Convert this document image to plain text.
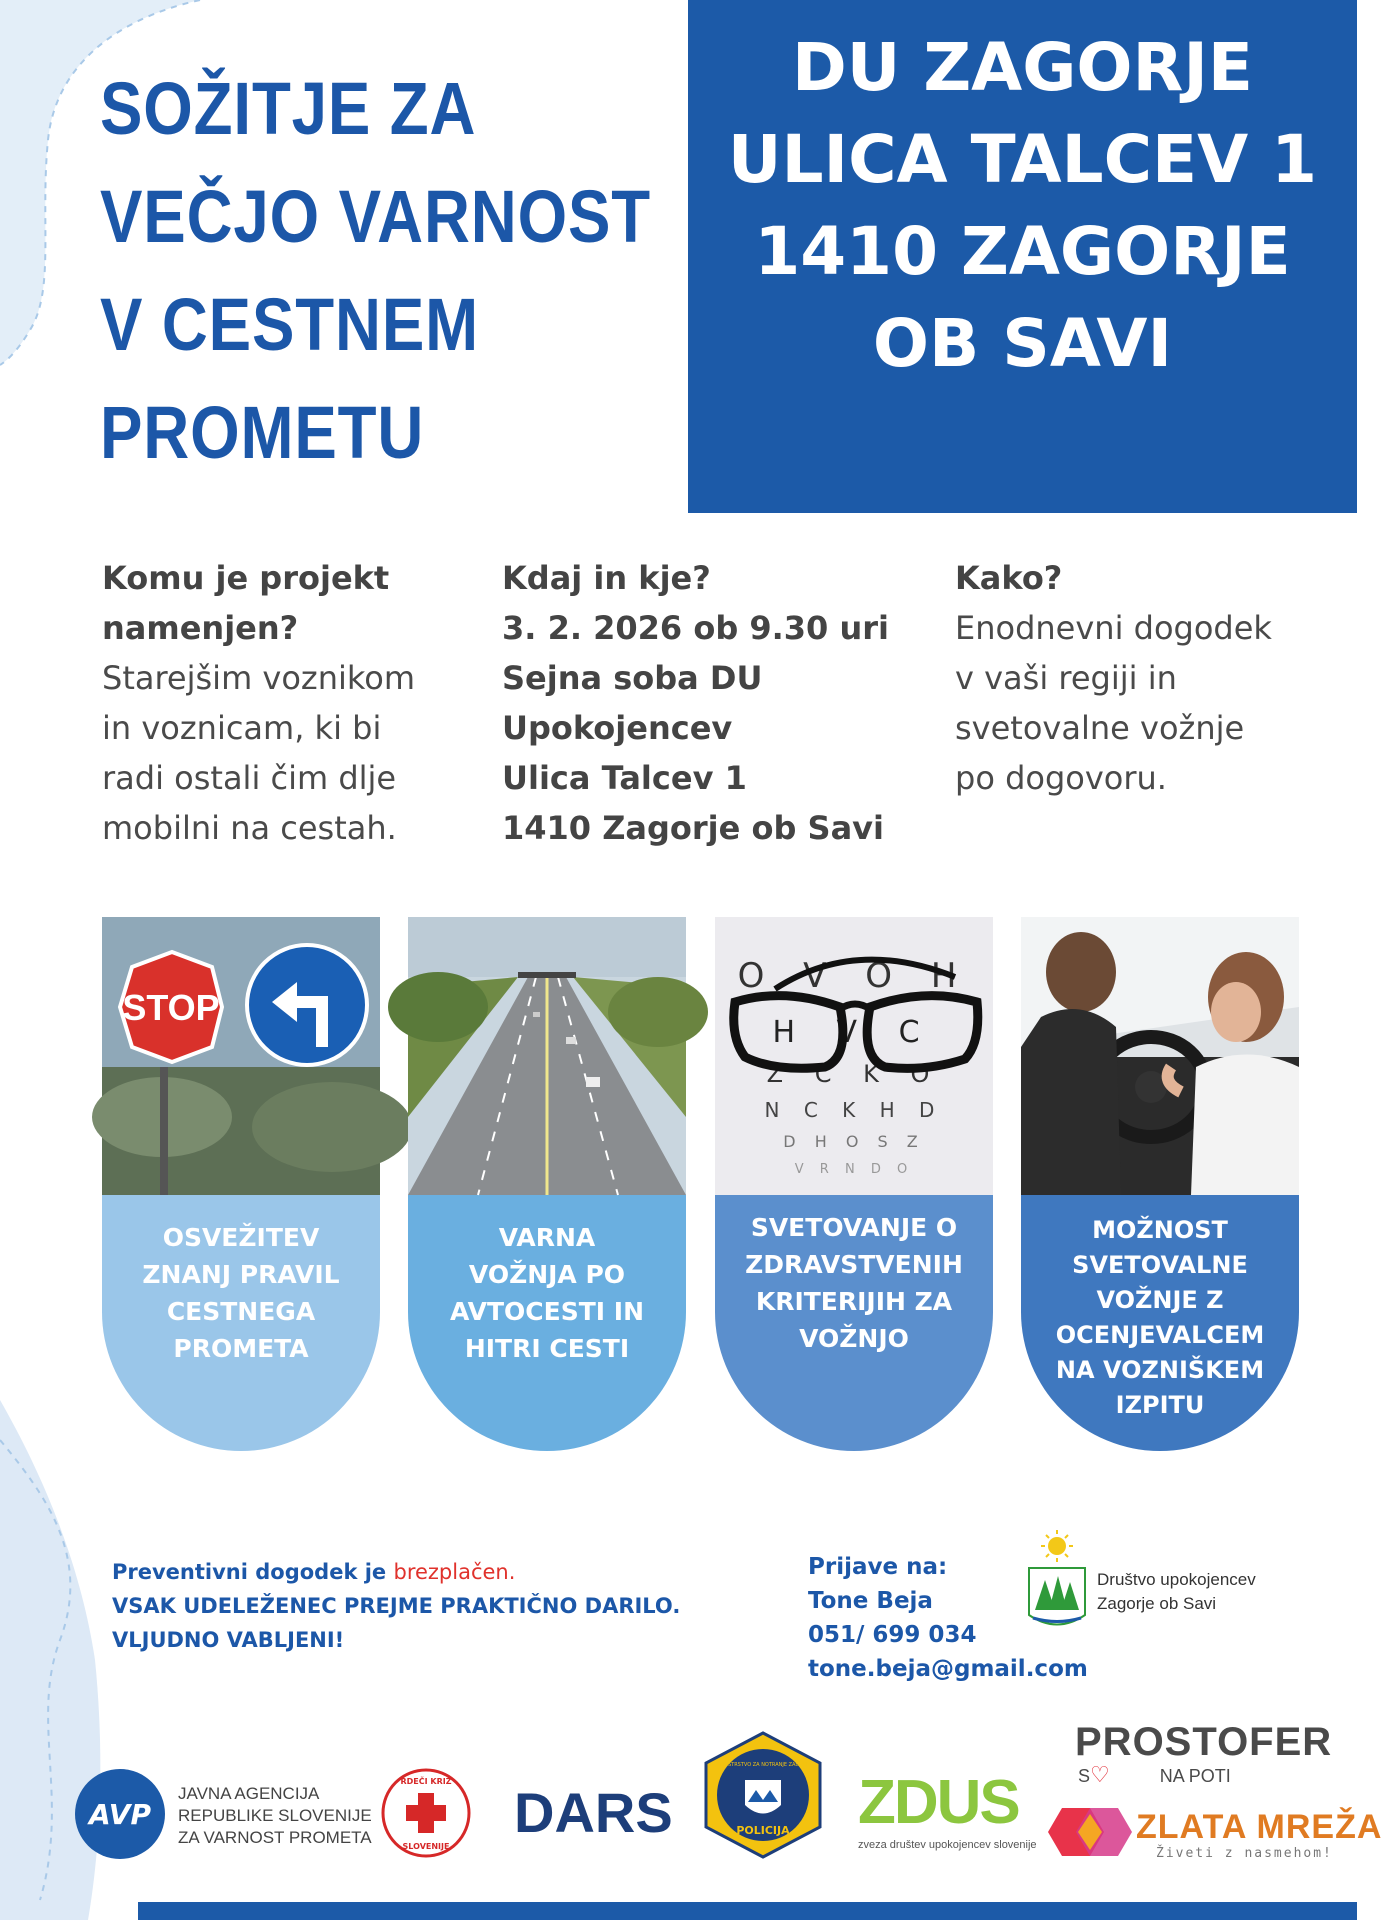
SOŽITJE ZA
VEČJO VARNOST
V CESTNEM
PROMETU
DU ZAGORJE
ULICA TALCEV 1
1410 ZAGORJE
OB SAVI
Komu je projekt
namenjen?
Starejšim voznikom
in voznicam, ki bi
radi ostali čim dlje
mobilni na cestah.
Kdaj in kje?
3. 2. 2026 ob 9.30 uri
Sejna soba DU
Upokojencev
Ulica Talcev 1
1410 Zagorje ob Savi
Kako?
Enodnevni dogodek
v vaši regiji in
svetovalne vožnje
po dogovoru.
STOP
OSVEŽITEV
ZNANJ PRAVIL
CESTNEGA
PROMETA
VARNA
VOŽNJA PO
AVTOCESTI IN
HITRI CESTI
O V O H
H V C
Z C K O
N C K H D
D H O S Z
V R N D O
SVETOVANJE O
ZDRAVSTVENIH
KRITERIJIH ZA
VOŽNJO
MOŽNOST
SVETOVALNE
VOŽNJE Z
OCENJEVALCEM
NA VOZNIŠKEM
IZPITU
Preventivni dogodek je brezplačen.
VSAK UDELEŽENEC PREJME PRAKTIČNO DARILO.
VLJUDNO VABLJENI!
Prijave na:
Tone Beja
051/ 699 034
tone.beja@gmail.com
Društvo upokojencev
Zagorje ob Savi
AVP
JAVNA AGENCIJA
REPUBLIKE SLOVENIJE
ZA VARNOST PROMETA
RDEČI KRIŽ
SLOVENIJE
DARS
MINISTRSTVO ZA NOTRANJE ZADEVE
POLICIJA ZDUS
zveza društev upokojencev slovenije
PROSTOFER
S♡	NA POTI
ZLATA MREŽA
Živeti z nasmehom!
